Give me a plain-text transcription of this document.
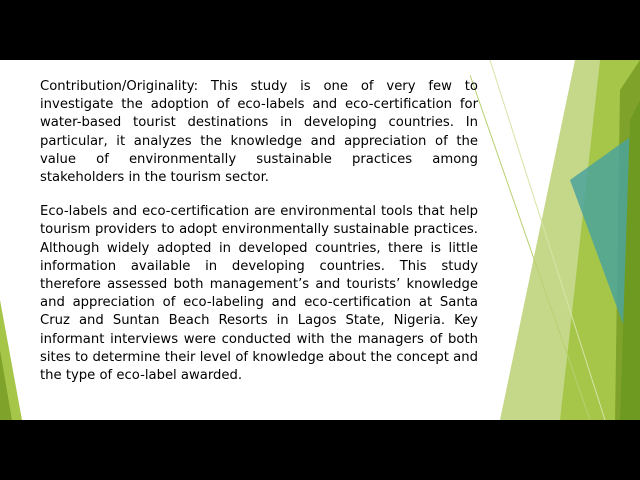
Contribution/Originality: This study is one of very few to investigate the adoption of eco-labels and eco-certification for water-based tourist destinations in developing countries. In particular, it analyzes the knowledge and appreciation of the value of environmentally sustainable practices among stakeholders in the tourism sector.

Eco-labels and eco-certification are environmental tools that help tourism providers to adopt environmentally sustainable practices. Although widely adopted in developed countries, there is little information available in developing countries. This study therefore assessed both management’s and tourists’ knowledge and appreciation of eco-labeling and eco-certification at Santa Cruz and Suntan Beach Resorts in Lagos State, Nigeria. Key informant interviews were conducted with the managers of both sites to determine their level of knowledge about the concept and the type of eco-label awarded.
